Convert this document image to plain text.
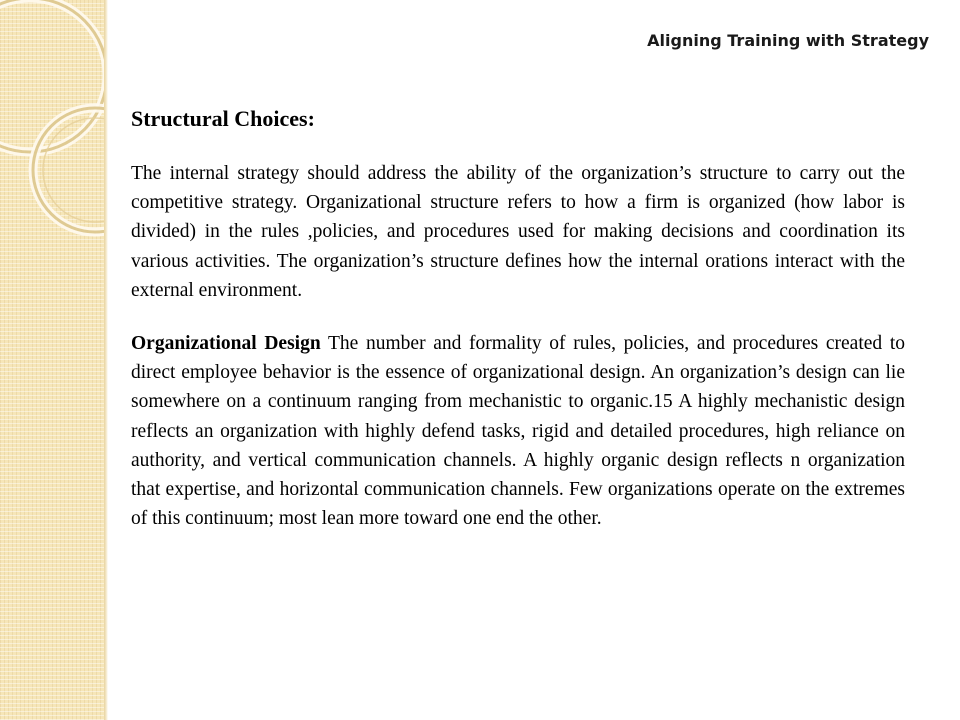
Aligning Training with Strategy
Structural Choices:
The internal strategy should address the ability of the organization’s structure to carry out the competitive strategy. Organizational structure refers to how a firm is organized (how labor is divided) in the rules ,policies, and procedures used for making decisions and coordination its various activities. The organization’s structure defines how the internal orations interact with the external environment.
Organizational Design The number and formality of rules, policies, and procedures created to direct employee behavior is the essence of organizational design. An organization’s design can lie somewhere on a continuum ranging from mechanistic to organic.15 A highly mechanistic design reflects an organization with highly defend tasks, rigid and detailed procedures, high reliance on authority, and vertical communication channels. A highly organic design reflects n organization that expertise, and horizontal communication channels. Few organizations operate on the extremes of this continuum; most lean more toward one end the other.
